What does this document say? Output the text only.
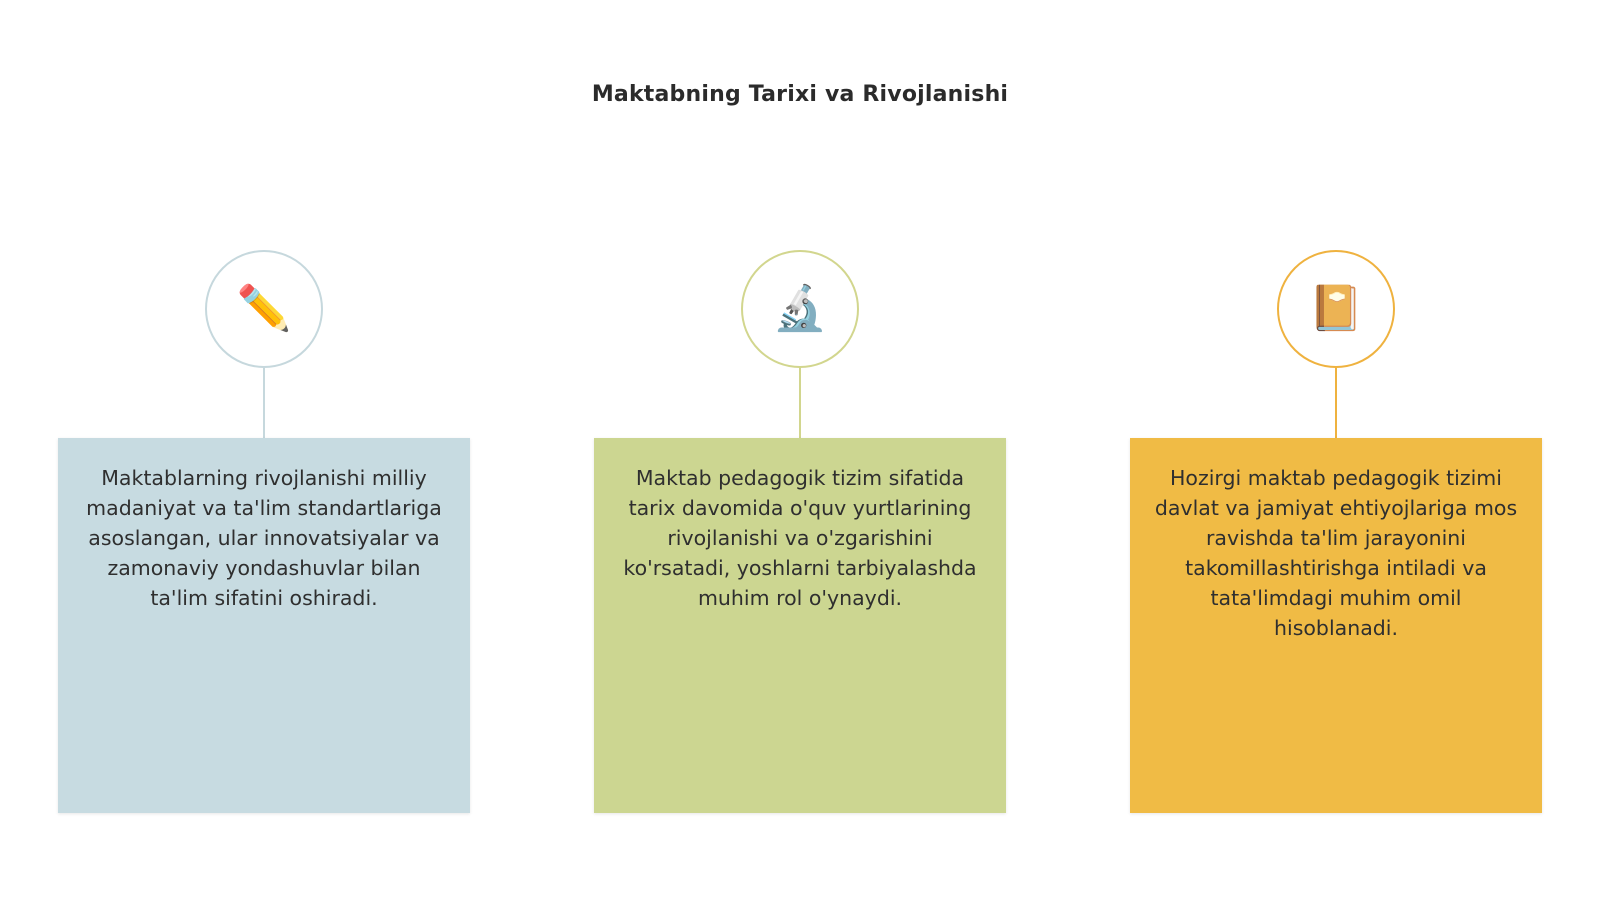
Maktabning Tarixi va Rivojlanishi
✏️
Maktablarning rivojlanishi milliy madaniyat va ta'lim standartlariga asoslangan, ular innovatsiyalar va zamonaviy yondashuvlar bilan ta'lim sifatini oshiradi.
🔬
Maktab pedagogik tizim sifatida tarix davomida o'quv yurtlarining rivojlanishi va o'zgarishini ko'rsatadi, yoshlarni tarbiyalashda muhim rol o'ynaydi.
📔
Hozirgi maktab pedagogik tizimi davlat va jamiyat ehtiyojlariga mos ravishda ta'lim jarayonini takomillashtirishga intiladi va tata'limdagi muhim omil hisoblanadi.
